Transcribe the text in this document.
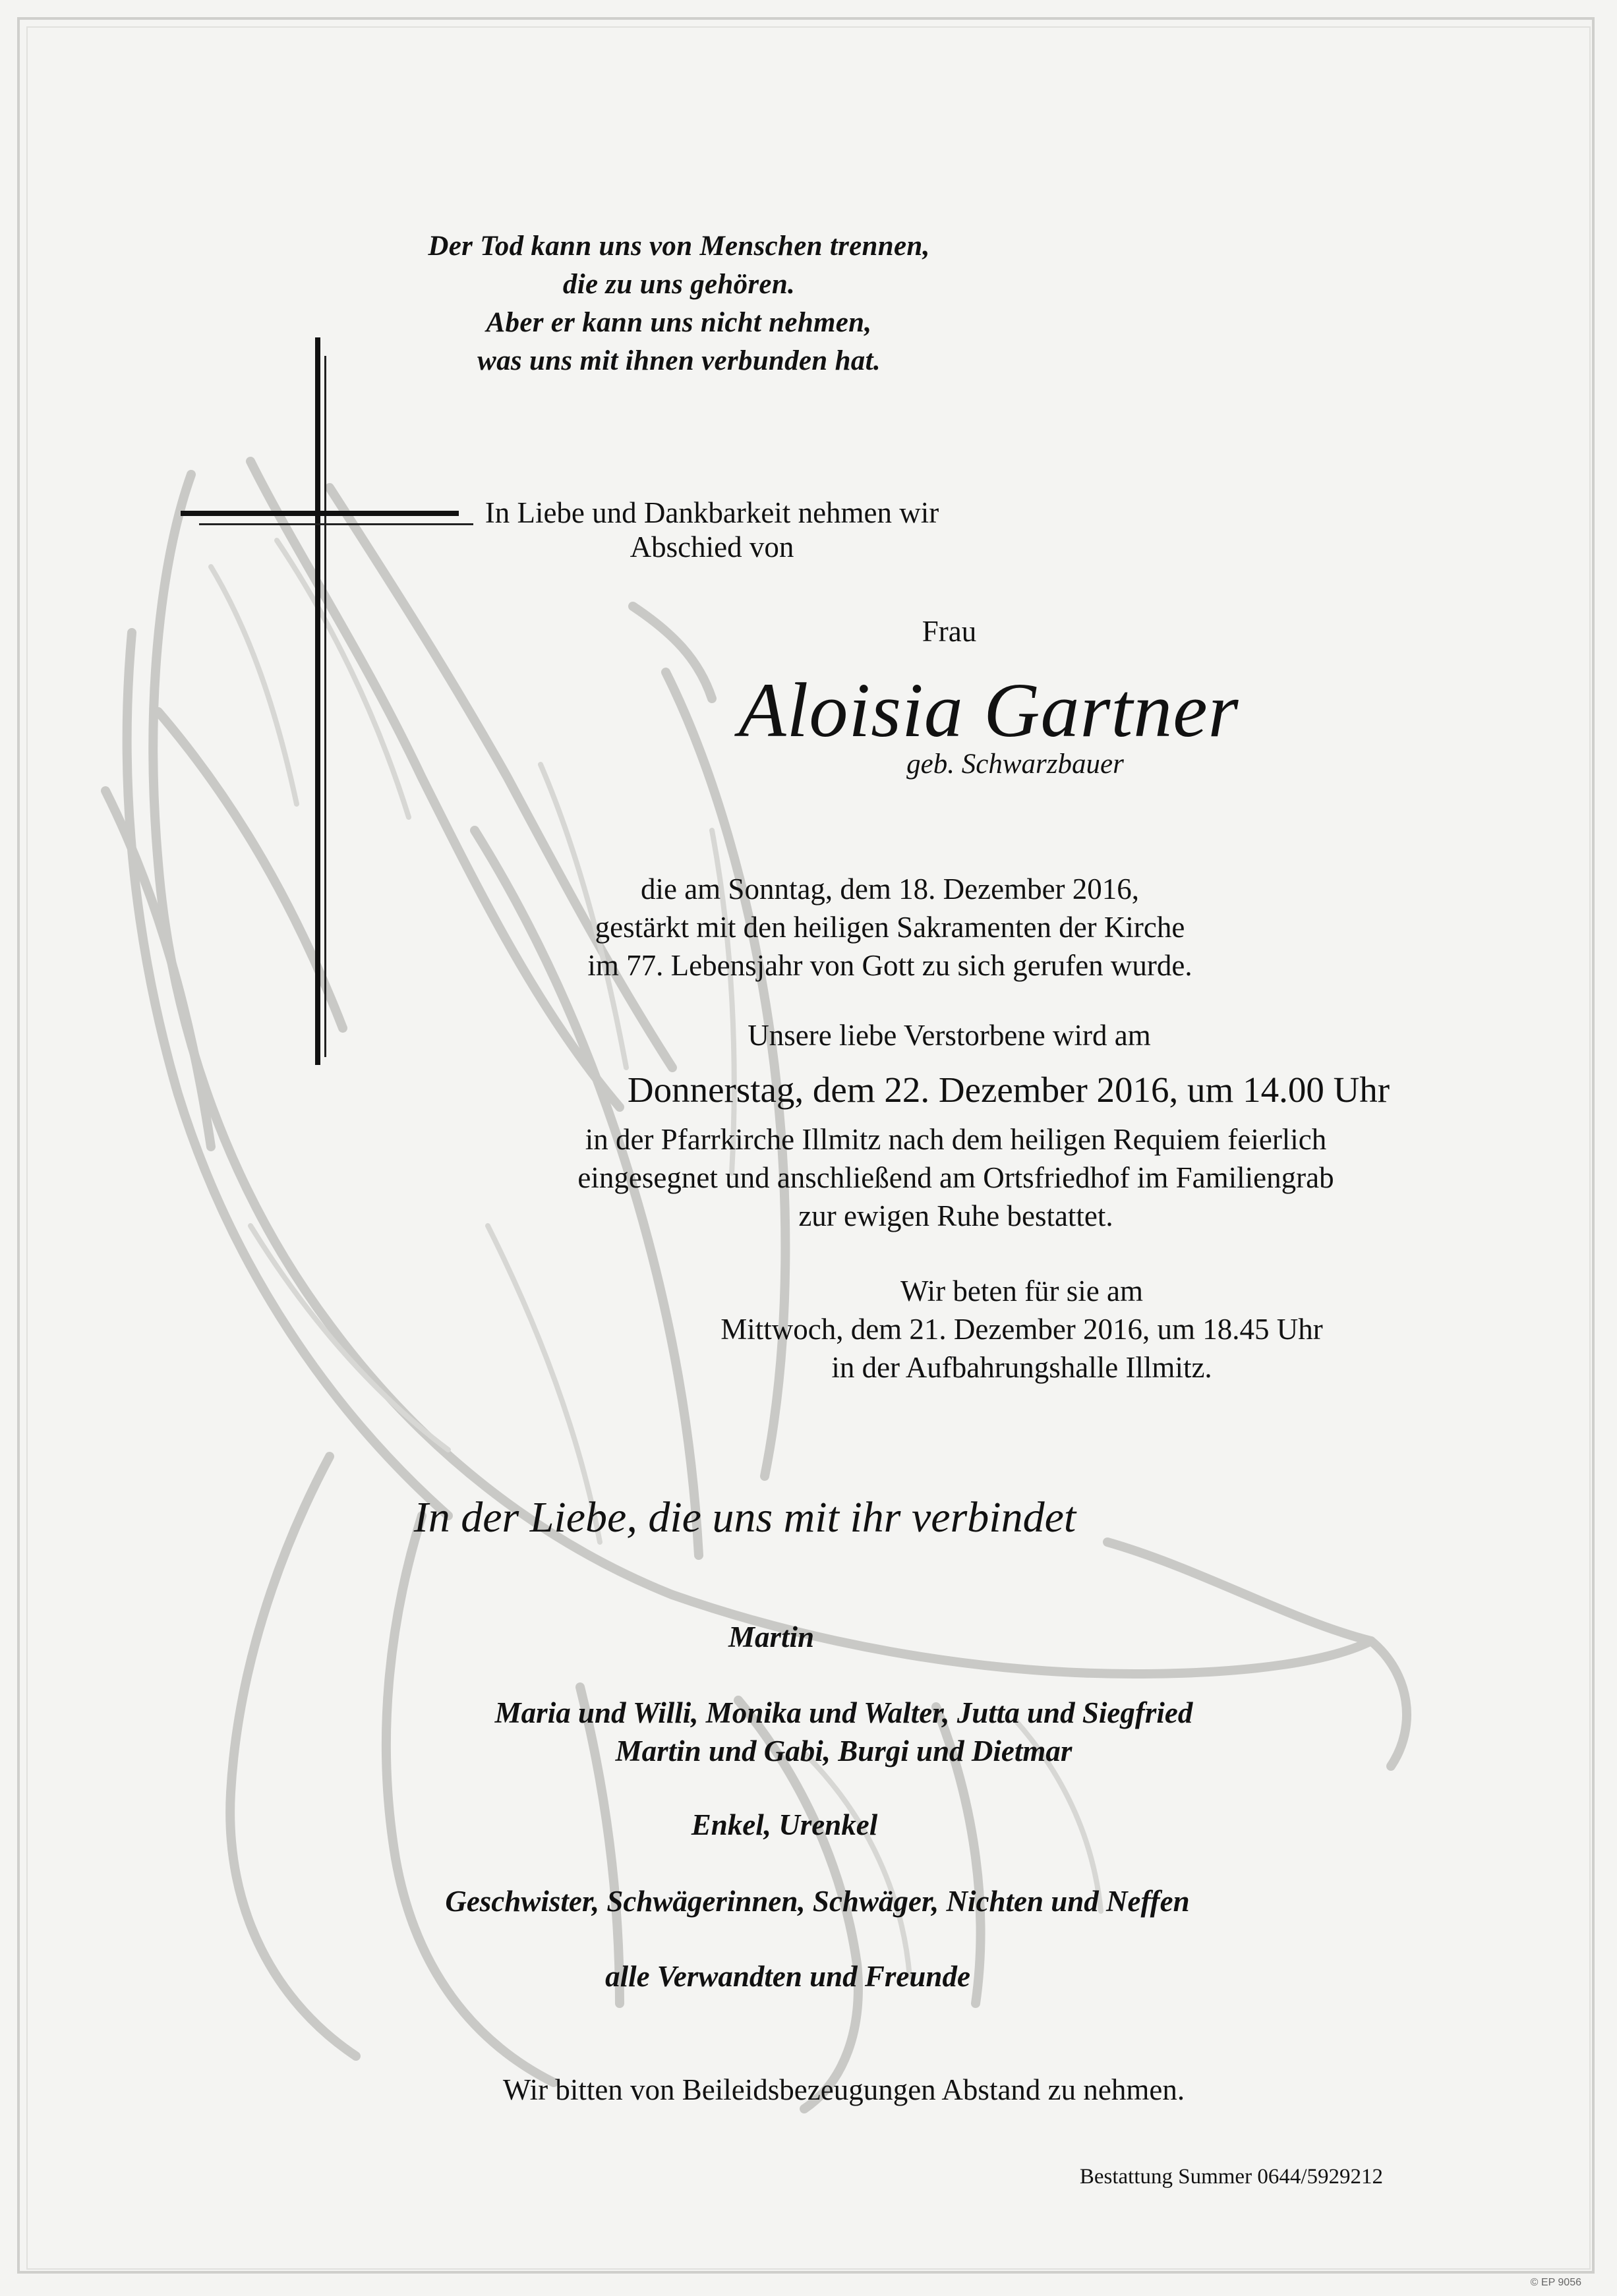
Der Tod kann uns von Menschen trennen,
die zu uns gehören.
Aber er kann uns nicht nehmen,
was uns mit ihnen verbunden hat.
In Liebe und Dankbarkeit nehmen wir Abschied von
Frau
Aloisia Gartner
geb. Schwarzbauer
die am Sonntag, dem 18. Dezember 2016,
gestärkt mit den heiligen Sakramenten der Kirche
im 77. Lebensjahr von Gott zu sich gerufen wurde.
Unsere liebe Verstorbene wird am
Donnerstag, dem 22. Dezember 2016, um 14.00 Uhr
in der Pfarrkirche Illmitz nach dem heiligen Requiem feierlich
eingesegnet und anschließend am Ortsfriedhof im Familiengrab
zur ewigen Ruhe bestattet.
Wir beten für sie am
Mittwoch, dem 21. Dezember 2016, um 18.45 Uhr
in der Aufbahrungshalle Illmitz.
In der Liebe, die uns mit ihr verbindet
Martin
Maria und Willi, Monika und Walter, Jutta und Siegfried
Martin und Gabi, Burgi und Dietmar
Enkel, Urenkel
Geschwister, Schwägerinnen, Schwäger, Nichten und Neffen
alle Verwandten und Freunde
Wir bitten von Beileidsbezeugungen Abstand zu nehmen.
Bestattung Summer 0644/5929212
© EP 9056
